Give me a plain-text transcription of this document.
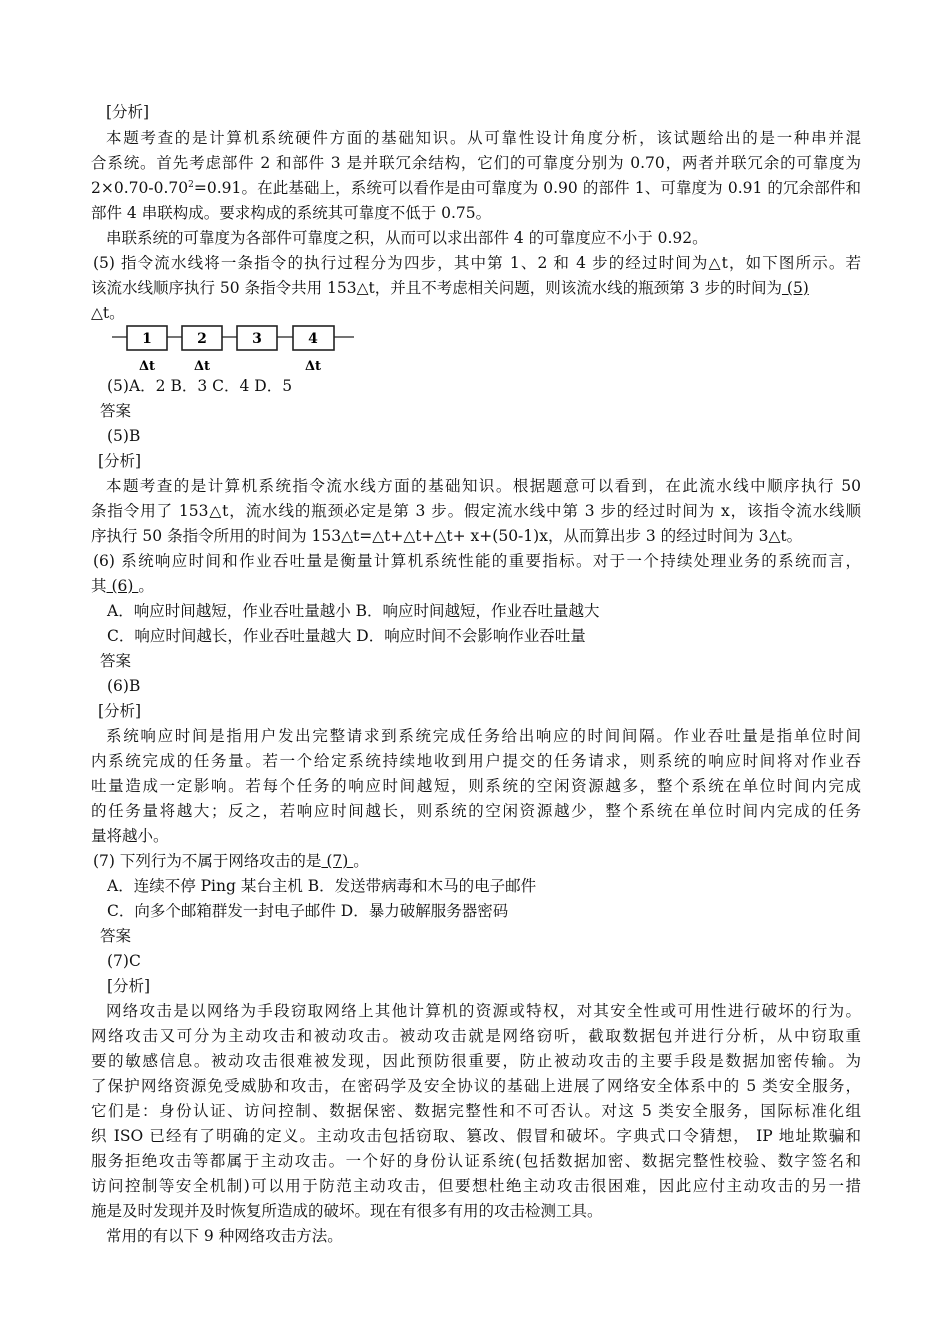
[分析]
本题考查的是计算机系统硬件方面的基础知识。从可靠性设计角度分析，该试题给出的是一种串并混
合系统。首先考虑部件 2 和部件 3 是并联冗余结构，它们的可靠度分别为 0.70，两者并联冗余的可靠度为
$2\times 0.70-0.70^2=0.91$。在此基础上，系统可以看作是由可靠度为 0.90 的部件 1、可靠度为 0.91 的冗余部件和
部件 4 串联构成。要求构成的系统其可靠度不低于 0.75。
串联系统的可靠度为各部件可靠度之积，从而可以求出部件 4 的可靠度应不小于 0.92。
(5) 指令流水线将一条指令的执行过程分为四步，其中第 1、2 和 4 步的经过时间为△t，如下图所示。若
该流水线顺序执行 50 条指令共用 153△t，并且不考虑相关问题，则该流水线的瓶颈第 3 步的时间为 (5)
△t。
1	2	3	4
Δt	Δt	Δt
(5)A．2 B．3 C．4 D．5
答案
(5)B
[分析]
本题考查的是计算机系统指令流水线方面的基础知识。根据题意可以看到，在此流水线中顺序执行 50
条指令用了 153△t，流水线的瓶颈必定是第 3 步。假定流水线中第 3 步的经过时间为 x，该指令流水线顺
序执行 50 条指令所用的时间为 153△t=△t+△t+△t+ x+(50-1)x，从而算出步 3 的经过时间为 3△t。
(6) 系统响应时间和作业吞吐量是衡量计算机系统性能的重要指标。对于一个持续处理业务的系统而言，
其 (6) 。
A．响应时间越短，作业吞吐量越小 B．响应时间越短，作业吞吐量越大
C．响应时间越长，作业吞吐量越大 D．响应时间不会影响作业吞吐量
答案
(6)B
[分析]
系统响应时间是指用户发出完整请求到系统完成任务给出响应的时间间隔。作业吞吐量是指单位时间
内系统完成的任务量。若一个给定系统持续地收到用户提交的任务请求，则系统的响应时间将对作业吞
吐量造成一定影响。若每个任务的响应时间越短，则系统的空闲资源越多，整个系统在单位时间内完成
的任务量将越大；反之，若响应时间越长，则系统的空闲资源越少，整个系统在单位时间内完成的任务
量将越小。
(7) 下列行为不属于网络攻击的是 (7) 。
A．连续不停 Ping 某台主机 B．发送带病毒和木马的电子邮件
C．向多个邮箱群发一封电子邮件 D．暴力破解服务器密码
答案
(7)C
[分析]
网络攻击是以网络为手段窃取网络上其他计算机的资源或特权，对其安全性或可用性进行破坏的行为。
网络攻击又可分为主动攻击和被动攻击。被动攻击就是网络窃听，截取数据包并进行分析，从中窃取重
要的敏感信息。被动攻击很难被发现，因此预防很重要，防止被动攻击的主要手段是数据加密传输。为
了保护网络资源免受威胁和攻击，在密码学及安全协议的基础上进展了网络安全体系中的 5 类安全服务，
它们是：身份认证、访问控制、数据保密、数据完整性和不可否认。对这 5 类安全服务，国际标准化组
织 ISO 已经有了明确的定义。主动攻击包括窃取、篡改、假冒和破坏。字典式口令猜想， IP 地址欺骗和
服务拒绝攻击等都属于主动攻击。一个好的身份认证系统(包括数据加密、数据完整性校验、数字签名和
访问控制等安全机制)可以用于防范主动攻击，但要想杜绝主动攻击很困难，因此应付主动攻击的另一措
施是及时发现并及时恢复所造成的破坏。现在有很多有用的攻击检测工具。
常用的有以下 9 种网络攻击方法。
